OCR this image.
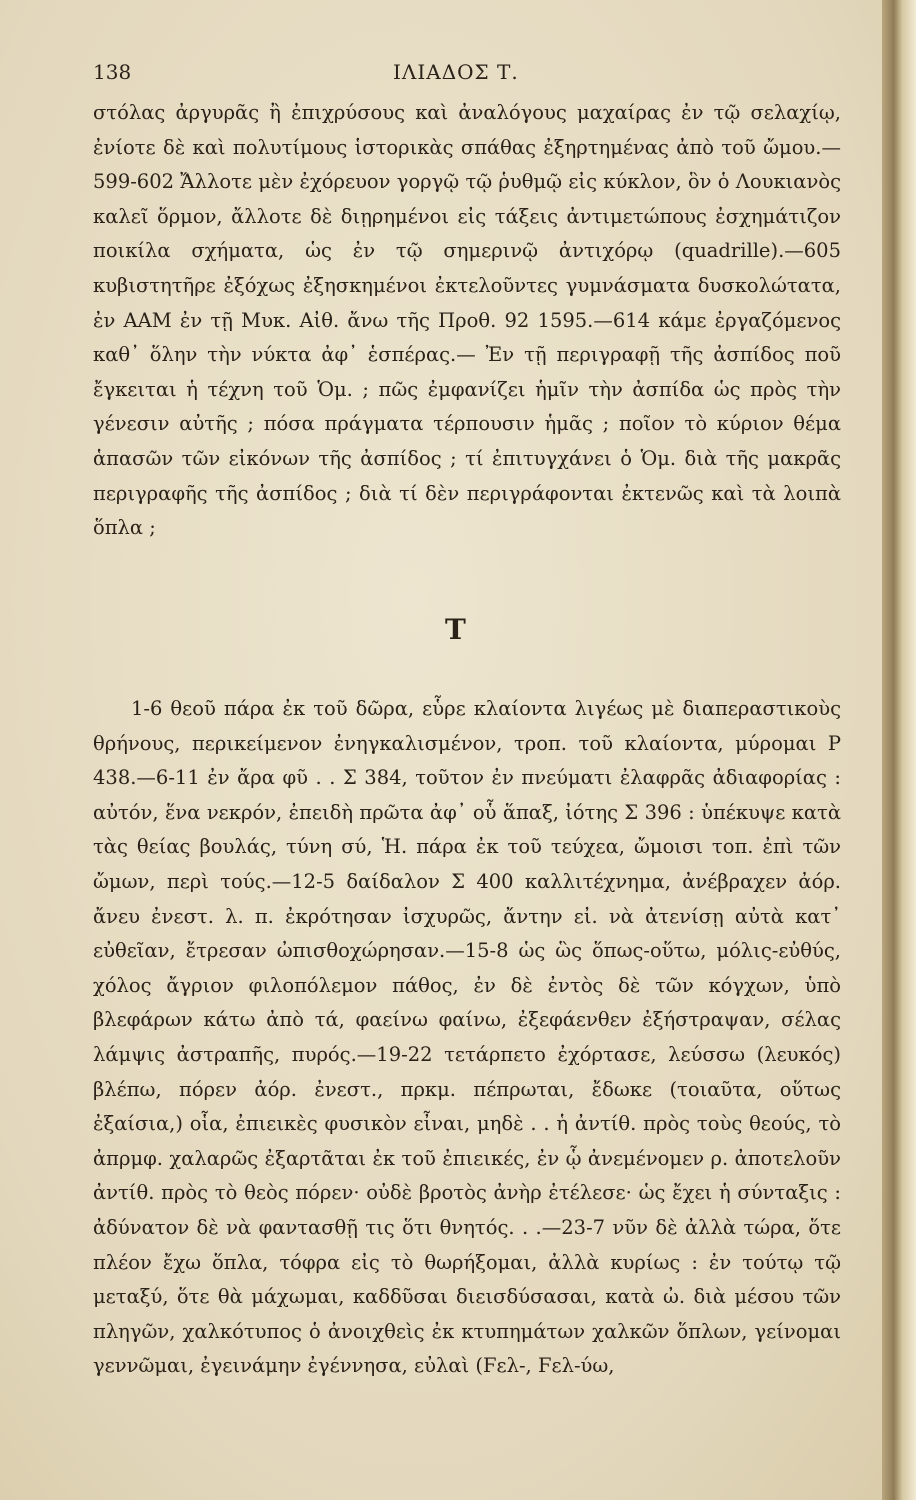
138	ΙΛΙΑΔΟΣ Τ.

στόλας ἀργυρᾶς ἢ ἐπιχρύσους καὶ ἀναλόγους μαχαίρας ἐν τῷ σελαχίῳ, ἐνίοτε δὲ καὶ πολυτίμους ἱστορικὰς σπάθας ἐξηρτημένας ἀπὸ τοῦ ὤμου.—599-602 Ἄλλοτε μὲν ἐχόρευον γοργῷ τῷ ῥυθμῷ εἰς κύκλον, ὃν ὁ Λουκιανὸς καλεῖ ὅρμον, ἄλλοτε δὲ διῃρημένοι εἰς τάξεις ἀντιμετώπους ἐσχημάτιζον ποικίλα σχήματα, ὡς ἐν τῷ σημερινῷ ἀντιχόρῳ (quadrille).—605 κυβιστητῆρε ἐξόχως ἐξησκημένοι ἐκτελοῦντες γυμνάσματα δυσκολώτατα, ἐν ΑΑΜ ἐν τῇ Μυκ. Αἰθ. ἄνω τῆς Προθ. 92 1595.—614 κάμε ἐργαζόμενος καθ᾽ ὅλην τὴν νύκτα ἀφ᾽ ἑσπέρας.— Ἐν τῇ περιγραφῇ τῆς ἀσπίδος ποῦ ἔγκειται ἡ τέχνη τοῦ Ὁμ. ; πῶς ἐμφανίζει ἡμῖν τὴν ἀσπίδα ὡς πρὸς τὴν γένεσιν αὐτῆς ; πόσα πράγματα τέρπουσιν ἡμᾶς ; ποῖον τὸ κύριον θέμα ἁπασῶν τῶν εἰκόνων τῆς ἀσπίδος ; τί ἐπιτυγχάνει ὁ Ὁμ. διὰ τῆς μακρᾶς περιγραφῆς τῆς ἀσπίδος ; διὰ τί δὲν περιγράφονται ἐκτενῶς καὶ τὰ λοιπὰ ὅπλα ;

Τ

1-6 θεοῦ πάρα ἐκ τοῦ δῶρα, εὗρε κλαίοντα λιγέως μὲ διαπεραστικοὺς θρήνους, περικείμενον ἐνηγκαλισμένον, τροπ. τοῦ κλαίοντα, μύρομαι Ρ 438.—6-11 ἐν ἄρα φῦ . . Σ 384, τοῦτον ἐν πνεύματι ἐλαφρᾶς ἀδιαφορίας : αὐτόν, ἕνα νεκρόν, ἐπειδὴ πρῶτα ἀφ᾽ οὗ ἅπαξ, ἰότης Σ 396 : ὑπέκυψε κατὰ τὰς θείας βουλάς, τύνη σύ, Ἡ. πάρα ἐκ τοῦ τεύχεα, ὤμοισι τοπ. ἐπὶ τῶν ὤμων, περὶ τούς.—12-5 δαίδαλον Σ 400 καλλιτέχνημα, ἀνέβραχεν ἀόρ. ἄνευ ἐνεστ. λ. π. ἐκρότησαν ἰσχυρῶς, ἄντην εἰ. νὰ ἀτενίσῃ αὐτὰ κατ᾽ εὐθεῖαν, ἔτρεσαν ὠπισθοχώρησαν.—15-8 ὡς ὣς ὅπως-οὕτω, μόλις-εὐθύς, χόλος ἄγριον φιλοπόλεμον πάθος, ἐν δὲ ἐντὸς δὲ τῶν κόγχων, ὑπὸ βλεφάρων κάτω ἀπὸ τά, φαείνω φαίνω, ἐξεφάενθεν ἐξήστραψαν, σέλας λάμψις ἀστραπῆς, πυρός.—19-22 τετάρπετο ἐχόρτασε, λεύσσω (λευκός) βλέπω, πόρεν ἀόρ. ἐνεστ., πρκμ. πέπρωται, ἔδωκε (τοιαῦτα, οὕτως ἐξαίσια,) οἷα, ἐπιεικὲς φυσικὸν εἶναι, μηδὲ . . ἡ ἀντίθ. πρὸς τοὺς θεούς, τὸ ἀπρμφ. χαλαρῶς ἐξαρτᾶται ἐκ τοῦ ἐπιεικές, ἐν ᾧ ἀνεμένομεν ρ. ἀποτελοῦν ἀντίθ. πρὸς τὸ θεὸς πόρεν· οὐδὲ βροτὸς ἀνὴρ ἐτέλεσε· ὡς ἔχει ἡ σύνταξις : ἀδύνατον δὲ νὰ φαντασθῇ τις ὅτι θνητός. . .—23-7 νῦν δὲ ἀλλὰ τώρα, ὅτε πλέον ἔχω ὅπλα, τόφρα εἰς τὸ θωρήξομαι, ἀλλὰ κυρίως : ἐν τούτῳ τῷ μεταξύ, ὅτε θὰ μάχωμαι, καδδῦσαι διεισδύσασαι, κατὰ ὠ. διὰ μέσου τῶν πληγῶν, χαλκότυπος ὁ ἀνοιχθεὶς ἐκ κτυπημάτων χαλκῶν ὅπλων, γείνομαι γεννῶμαι, ἐγεινάμην ἐγέννησα, εὐλαὶ (Ϝελ-, Ϝελ-ύω,
